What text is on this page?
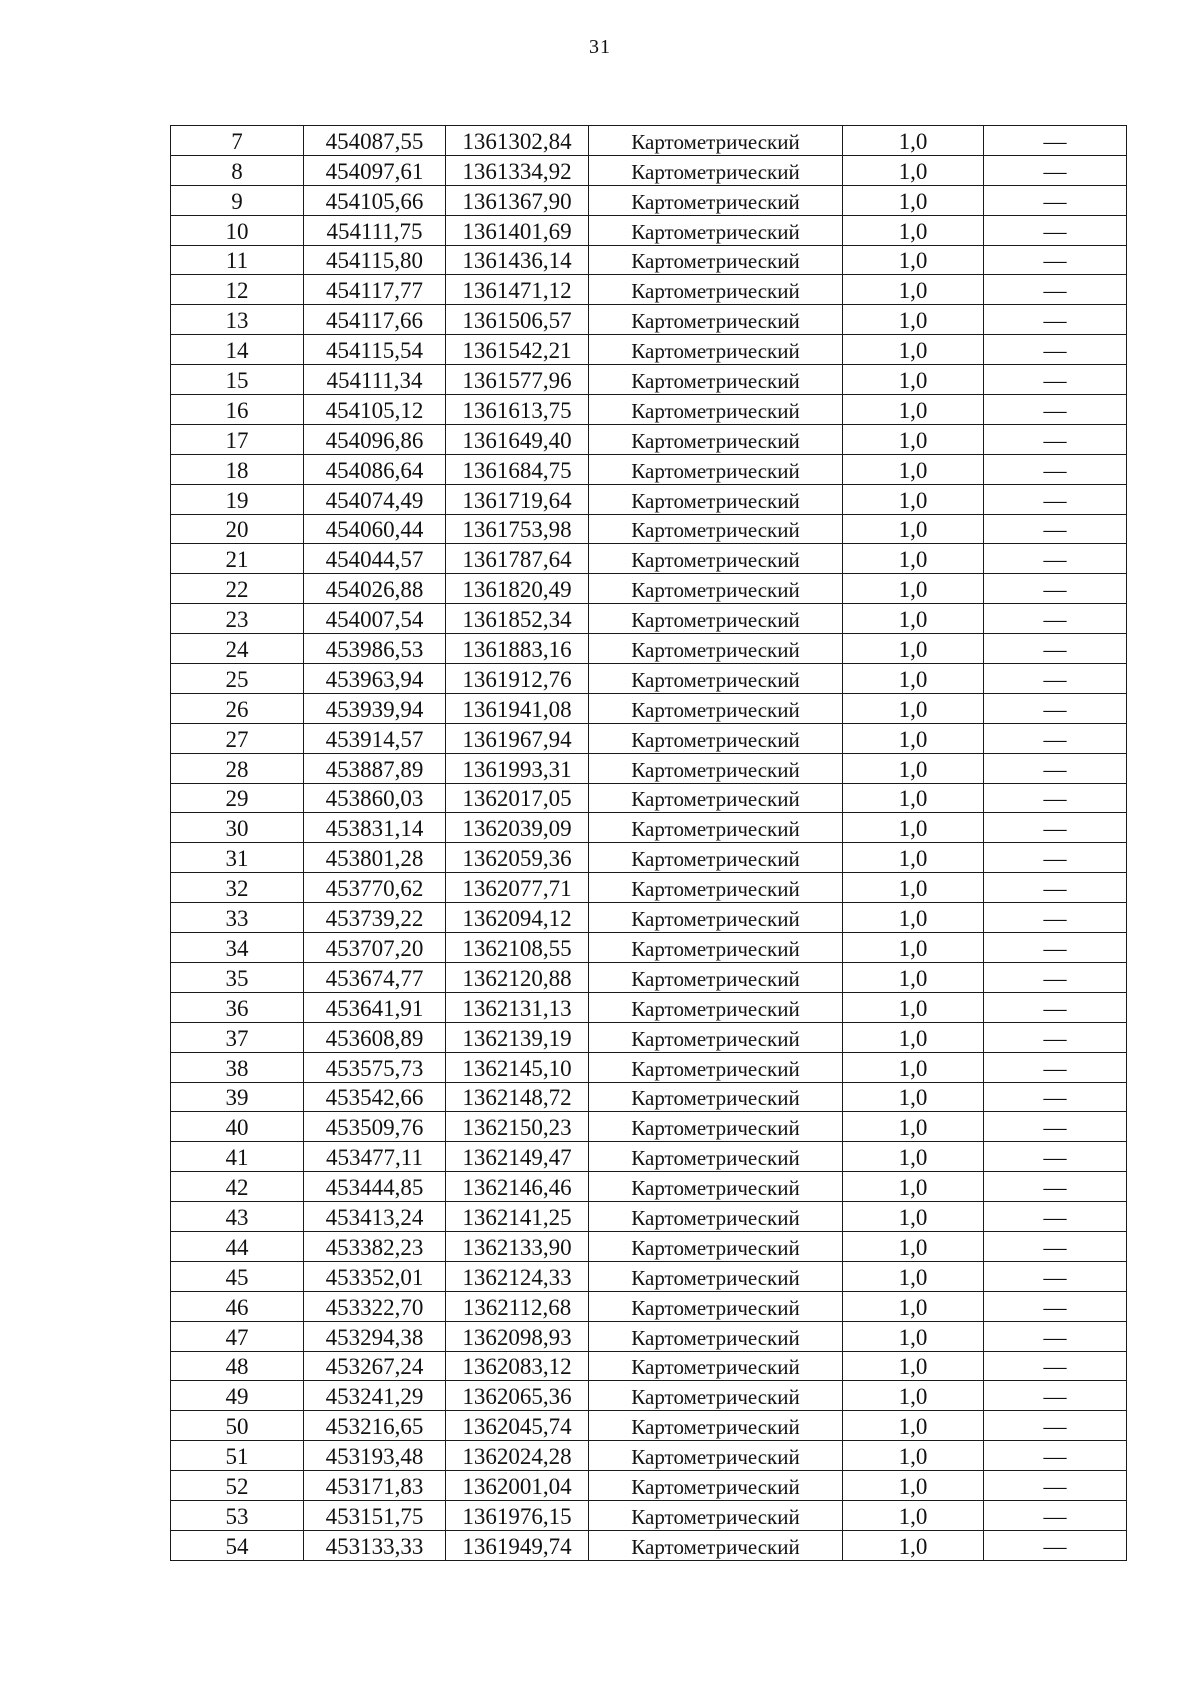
31
7	454087,55	1361302,84	Картометрический	1,0	—
8	454097,61	1361334,92	Картометрический	1,0	—
9	454105,66	1361367,90	Картометрический	1,0	—
10	454111,75	1361401,69	Картометрический	1,0	—
11	454115,80	1361436,14	Картометрический	1,0	—
12	454117,77	1361471,12	Картометрический	1,0	—
13	454117,66	1361506,57	Картометрический	1,0	—
14	454115,54	1361542,21	Картометрический	1,0	—
15	454111,34	1361577,96	Картометрический	1,0	—
16	454105,12	1361613,75	Картометрический	1,0	—
17	454096,86	1361649,40	Картометрический	1,0	—
18	454086,64	1361684,75	Картометрический	1,0	—
19	454074,49	1361719,64	Картометрический	1,0	—
20	454060,44	1361753,98	Картометрический	1,0	—
21	454044,57	1361787,64	Картометрический	1,0	—
22	454026,88	1361820,49	Картометрический	1,0	—
23	454007,54	1361852,34	Картометрический	1,0	—
24	453986,53	1361883,16	Картометрический	1,0	—
25	453963,94	1361912,76	Картометрический	1,0	—
26	453939,94	1361941,08	Картометрический	1,0	—
27	453914,57	1361967,94	Картометрический	1,0	—
28	453887,89	1361993,31	Картометрический	1,0	—
29	453860,03	1362017,05	Картометрический	1,0	—
30	453831,14	1362039,09	Картометрический	1,0	—
31	453801,28	1362059,36	Картометрический	1,0	—
32	453770,62	1362077,71	Картометрический	1,0	—
33	453739,22	1362094,12	Картометрический	1,0	—
34	453707,20	1362108,55	Картометрический	1,0	—
35	453674,77	1362120,88	Картометрический	1,0	—
36	453641,91	1362131,13	Картометрический	1,0	—
37	453608,89	1362139,19	Картометрический	1,0	—
38	453575,73	1362145,10	Картометрический	1,0	—
39	453542,66	1362148,72	Картометрический	1,0	—
40	453509,76	1362150,23	Картометрический	1,0	—
41	453477,11	1362149,47	Картометрический	1,0	—
42	453444,85	1362146,46	Картометрический	1,0	—
43	453413,24	1362141,25	Картометрический	1,0	—
44	453382,23	1362133,90	Картометрический	1,0	—
45	453352,01	1362124,33	Картометрический	1,0	—
46	453322,70	1362112,68	Картометрический	1,0	—
47	453294,38	1362098,93	Картометрический	1,0	—
48	453267,24	1362083,12	Картометрический	1,0	—
49	453241,29	1362065,36	Картометрический	1,0	—
50	453216,65	1362045,74	Картометрический	1,0	—
51	453193,48	1362024,28	Картометрический	1,0	—
52	453171,83	1362001,04	Картометрический	1,0	—
53	453151,75	1361976,15	Картометрический	1,0	—
54	453133,33	1361949,74	Картометрический	1,0	—
